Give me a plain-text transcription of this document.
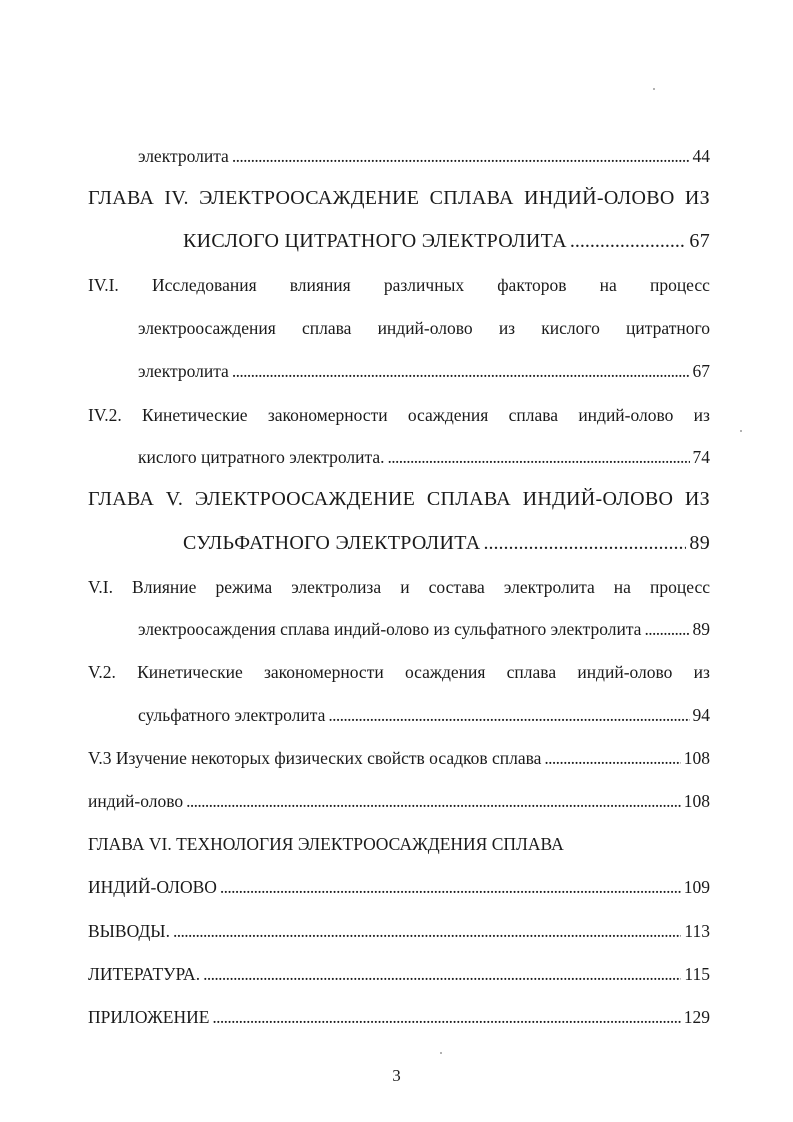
электролита . . .	44
ГЛАВА IV. ЭЛЕКТРООСАЖДЕНИЕ СПЛАВА ИНДИЙ-ОЛОВО ИЗ
КИСЛОГО ЦИТРАТНОГО ЭЛЕКТРОЛИТА . . .	67
IV.I. Исследования влияния различных факторов на процесс
электроосаждения сплава индий-олово из кислого цитратного
электролита . . .	67
IV.2. Кинетические закономерности осаждения сплава индий-олово из
кислого цитратного электролита. . . .	74
ГЛАВА V. ЭЛЕКТРООСАЖДЕНИЕ СПЛАВА ИНДИЙ-ОЛОВО ИЗ
СУЛЬФАТНОГО ЭЛЕКТРОЛИТА . . .	89
V.I. Влияние режима электролиза и состава электролита на процесс
электроосаждения сплава индий-олово из сульфатного электролита . . .	89
V.2. Кинетические закономерности осаждения сплава индий-олово из
сульфатного электролита . . .	94
V.3 Изучение некоторых физических свойств осадков сплава . . .	108
индий-олово . . .	108
ГЛАВА VI. ТЕХНОЛОГИЯ ЭЛЕКТРООСАЖДЕНИЯ СПЛАВА
ИНДИЙ-ОЛОВО . . .	109
ВЫВОДЫ. . . .	113
ЛИТЕРАТУРА. . . .	115
ПРИЛОЖЕНИЕ . . .	129
3
